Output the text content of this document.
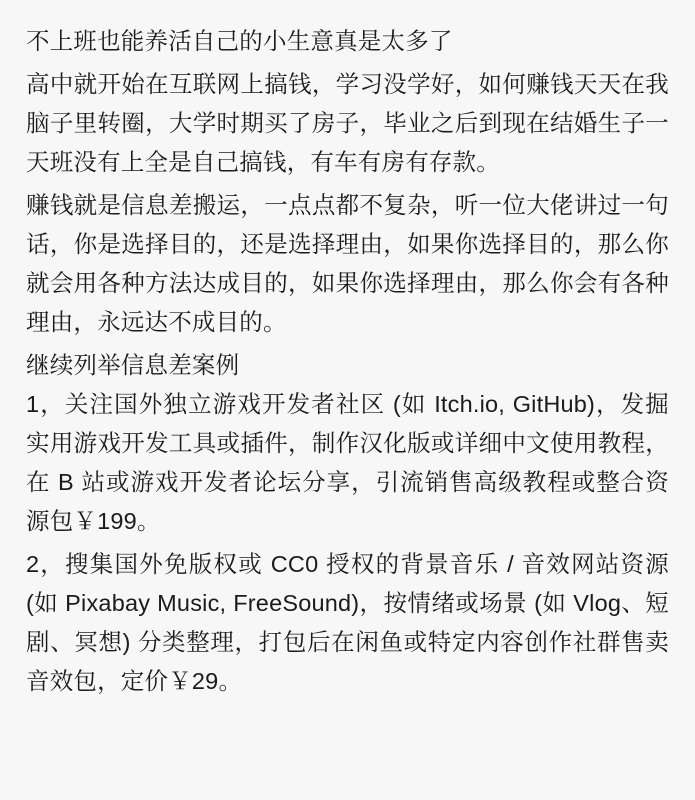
不上班也能养活自己的小生意真是太多了

高中就开始在互联网上搞钱，学习没学好，如何赚钱天天在我脑子里转圈，大学时期买了房子，毕业之后到现在结婚生子一天班没有上全是自己搞钱，有车有房有存款。

赚钱就是信息差搬运，一点点都不复杂，听一位大佬讲过一句话，你是选择目的，还是选择理由，如果你选择目的，那么你就会用各种方法达成目的，如果你选择理由，那么你会有各种理由，永远达不成目的。

继续列举信息差案例

1，关注国外独立游戏开发者社区 (如 Itch.io, GitHub)，发掘实用游戏开发工具或插件，制作汉化版或详细中文使用教程，在 B 站或游戏开发者论坛分享，引流销售高级教程或整合资源包￥199。

2，搜集国外免版权或 CC0 授权的背景音乐 / 音效网站资源 (如 Pixabay Music, FreeSound)，按情绪或场景 (如 Vlog、短剧、冥想) 分类整理，打包后在闲鱼或特定内容创作社群售卖音效包，定价￥29。
